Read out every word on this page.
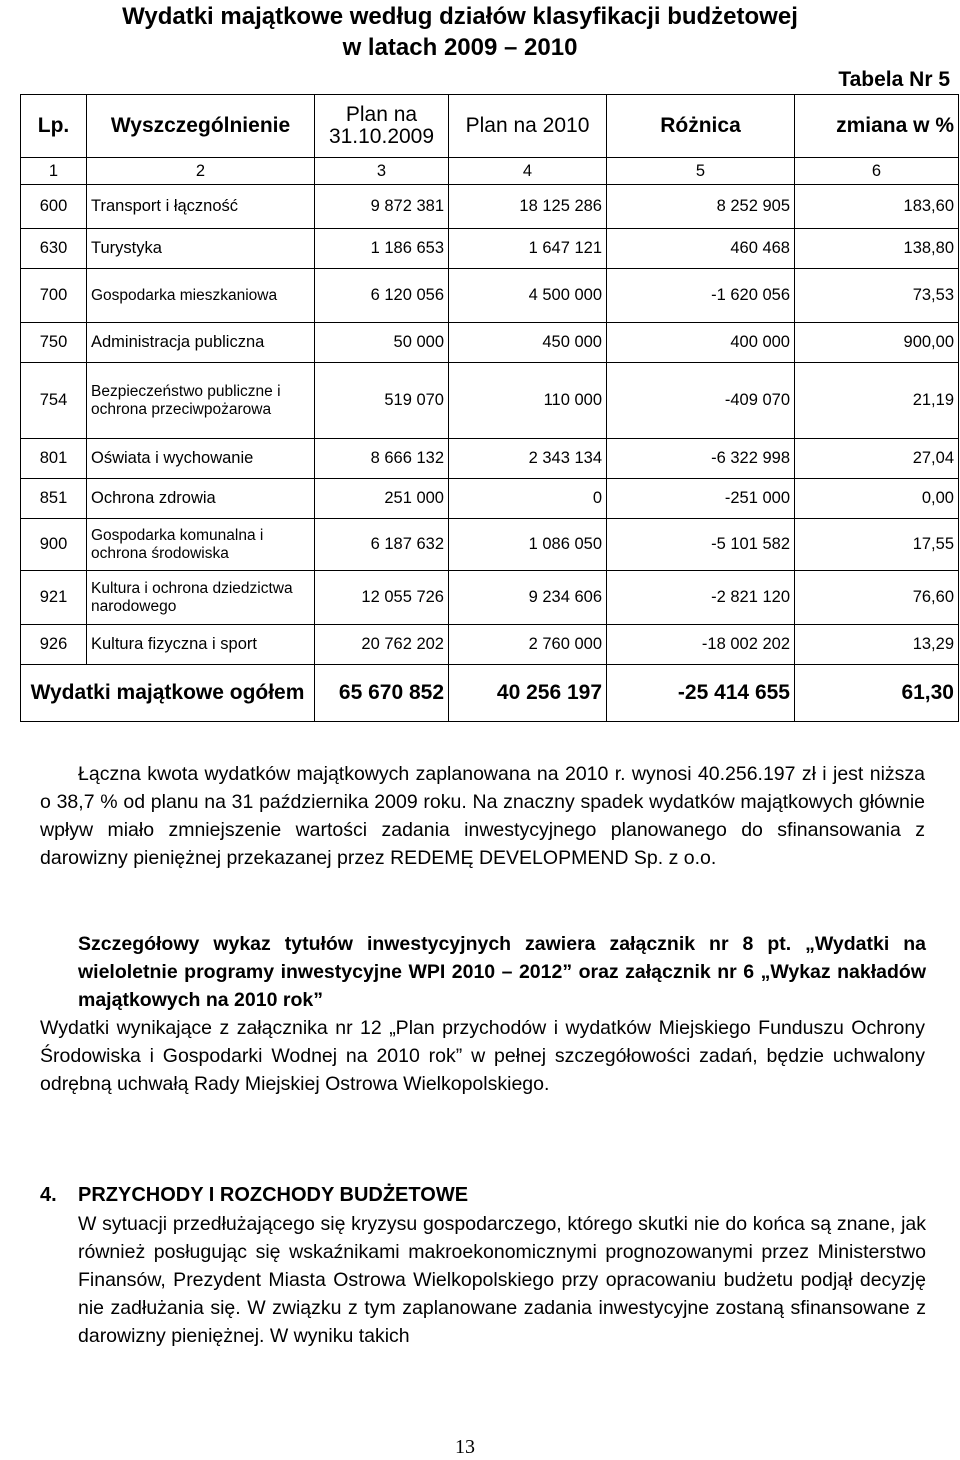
Wydatki majątkowe według działów klasyfikacji budżetowej
w latach 2009 – 2010
Tabela Nr 5
Lp.	Wyszczególnienie	Plan na 31.10.2009	Plan na 2010	Różnica	zmiana w %
1	2	3	4	5	6
600	Transport i łączność	9 872 381	18 125 286	8 252 905	183,60
630	Turystyka	1 186 653	1 647 121	460 468	138,80
700	Gospodarka mieszkaniowa	6 120 056	4 500 000	-1 620 056	73,53
750	Administracja publiczna	50 000	450 000	400 000	900,00
754	Bezpieczeństwo publiczne i ochrona przeciwpożarowa	519 070	110 000	-409 070	21,19
801	Oświata i wychowanie	8 666 132	2 343 134	-6 322 998	27,04
851	Ochrona zdrowia	251 000	0	-251 000	0,00
900	Gospodarka komunalna i ochrona środowiska	6 187 632	1 086 050	-5 101 582	17,55
921	Kultura i ochrona dziedzictwa narodowego	12 055 726	9 234 606	-2 821 120	76,60
926	Kultura fizyczna i sport	20 762 202	2 760 000	-18 002 202	13,29
Wydatki majątkowe ogółem		65 670 852	40 256 197	-25 414 655	61,30
Łączna kwota wydatków majątkowych zaplanowana na 2010 r. wynosi 40.256.197 zł i jest niższa o 38,7 % od planu na 31 października 2009 roku. Na znaczny spadek wydatków majątkowych głównie wpływ miało zmniejszenie wartości zadania inwestycyjnego planowanego do sfinansowania z darowizny pieniężnej przekazanej przez REDEMĘ DEVELOPMEND Sp. z o.o.
Szczegółowy wykaz tytułów inwestycyjnych zawiera załącznik nr 8 pt. „Wydatki na wieloletnie programy inwestycyjne WPI 2010 – 2012” oraz załącznik nr 6 „Wykaz nakładów majątkowych na 2010 rok”
Wydatki wynikające z załącznika nr 12 „Plan przychodów i wydatków Miejskiego Funduszu Ochrony Środowiska i Gospodarki Wodnej na 2010 rok” w pełnej szczegółowości zadań, będzie uchwalony odrębną uchwałą Rady Miejskiej Ostrowa Wielkopolskiego.
4. PRZYCHODY I ROZCHODY BUDŻETOWE
W sytuacji przedłużającego się kryzysu gospodarczego, którego skutki nie do końca są znane, jak również posługując się wskaźnikami makroekonomicznymi prognozowanymi przez Ministerstwo Finansów, Prezydent Miasta Ostrowa Wielkopolskiego przy opracowaniu budżetu podjął decyzję nie zadłużania się. W związku z tym zaplanowane zadania inwestycyjne zostaną sfinansowane z darowizny pieniężnej. W wyniku takich
13
